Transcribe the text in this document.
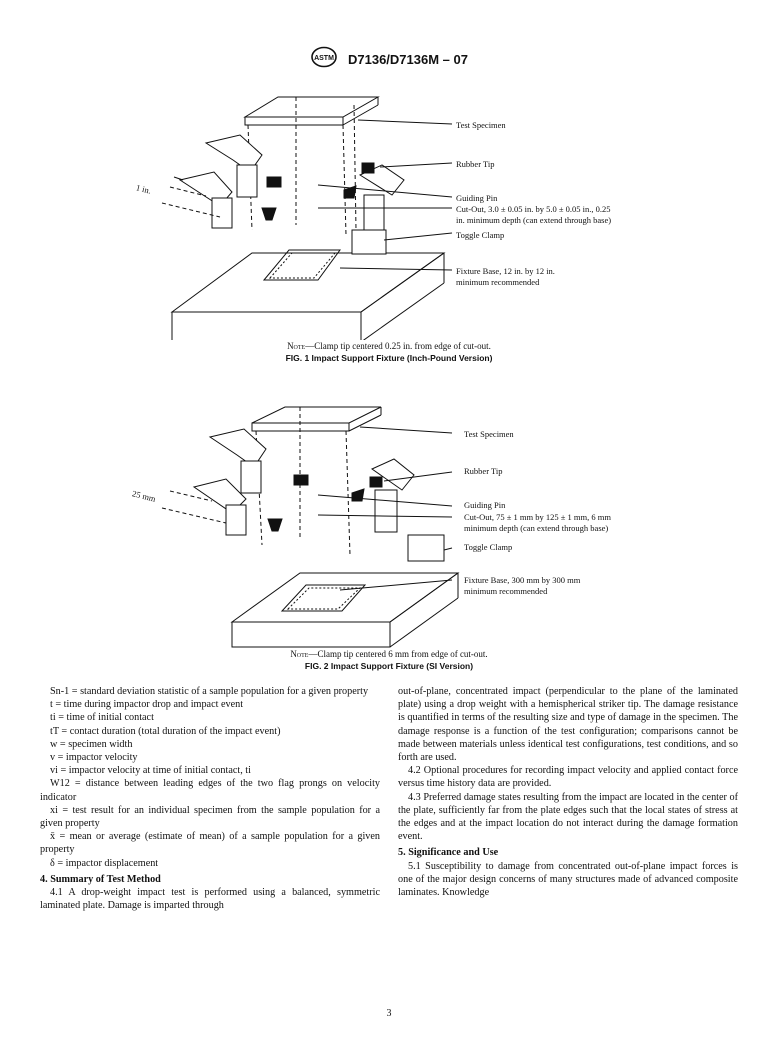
ASTM D7136/D7136M – 07
1 in.
Test Specimen
Rubber Tip
Guiding Pin
Cut-Out, 3.0 ± 0.05 in. by 5.0 ± 0.05 in., 0.25
in. minimum depth (can extend through base)
Toggle Clamp
Fixture Base, 12 in. by 12 in.
minimum recommended
Note—Clamp tip centered 0.25 in. from edge of cut-out.
FIG. 1 Impact Support Fixture (Inch-Pound Version)
25 mm
Test Specimen
Rubber Tip
Guiding Pin
Cut-Out, 75 ± 1 mm by 125 ± 1 mm, 6 mm
minimum depth (can extend through base)
Toggle Clamp
Fixture Base, 300 mm by 300 mm
minimum recommended
Note—Clamp tip centered 6 mm from edge of cut-out.
FIG. 2 Impact Support Fixture (SI Version)

Sn-1 = standard deviation statistic of a sample population for a given property

t = time during impactor drop and impact event

ti = time of initial contact

tT = contact duration (total duration of the impact event)

w = specimen width

v = impactor velocity

vi = impactor velocity at time of initial contact, ti

W12 = distance between leading edges of the two flag prongs on velocity indicator

xi = test result for an individual specimen from the sample population for a given property

x̄ = mean or average (estimate of mean) of a sample population for a given property

δ = impactor displacement

4. Summary of Test Method

4.1 A drop-weight impact test is performed using a balanced, symmetric laminated plate. Damage is imparted through

out-of-plane, concentrated impact (perpendicular to the plane of the laminated plate) using a drop weight with a hemispherical striker tip. The damage resistance is quantified in terms of the resulting size and type of damage in the specimen. The damage response is a function of the test configuration; comparisons cannot be made between materials unless identical test configurations, test conditions, and so forth are used.

4.2 Optional procedures for recording impact velocity and applied contact force versus time history data are provided.

4.3 Preferred damage states resulting from the impact are located in the center of the plate, sufficiently far from the plate edges such that the local states of stress at the edges and at the impact location do not interact during the damage formation event.

5. Significance and Use

5.1 Susceptibility to damage from concentrated out-of-plane impact forces is one of the major design concerns of many structures made of advanced composite laminates. Knowledge

3
